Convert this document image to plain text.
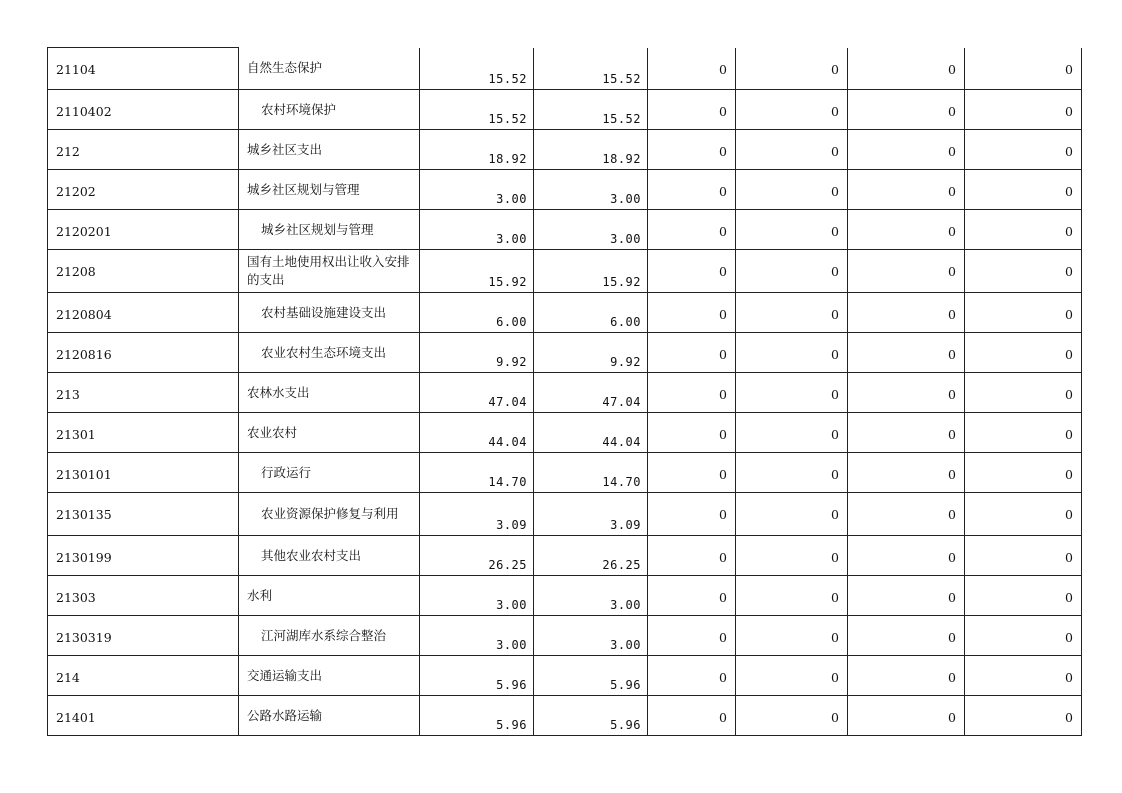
21104	自然生态保护	15.52	15.52	0	0	0	0

2110402	农村环境保护	15.52	15.52	0	0	0	0

212	城乡社区支出	18.92	18.92	0	0	0	0

21202	城乡社区规划与管理	3.00	3.00	0	0	0	0

2120201	城乡社区规划与管理	3.00	3.00	0	0	0	0

21208	国有土地使用权出让收入安排的支出	15.92	15.92	0	0	0	0

2120804	农村基础设施建设支出	6.00	6.00	0	0	0	0

2120816	农业农村生态环境支出	9.92	9.92	0	0	0	0

213	农林水支出	47.04	47.04	0	0	0	0

21301	农业农村	44.04	44.04	0	0	0	0

2130101	行政运行	14.70	14.70	0	0	0	0

2130135	农业资源保护修复与利用	3.09	3.09	0	0	0	0

2130199	其他农业农村支出	26.25	26.25	0	0	0	0

21303	水利	3.00	3.00	0	0	0	0

2130319	江河湖库水系综合整治	3.00	3.00	0	0	0	0

214	交通运输支出	5.96	5.96	0	0	0	0

21401	公路水路运输	5.96	5.96	0	0	0	0
